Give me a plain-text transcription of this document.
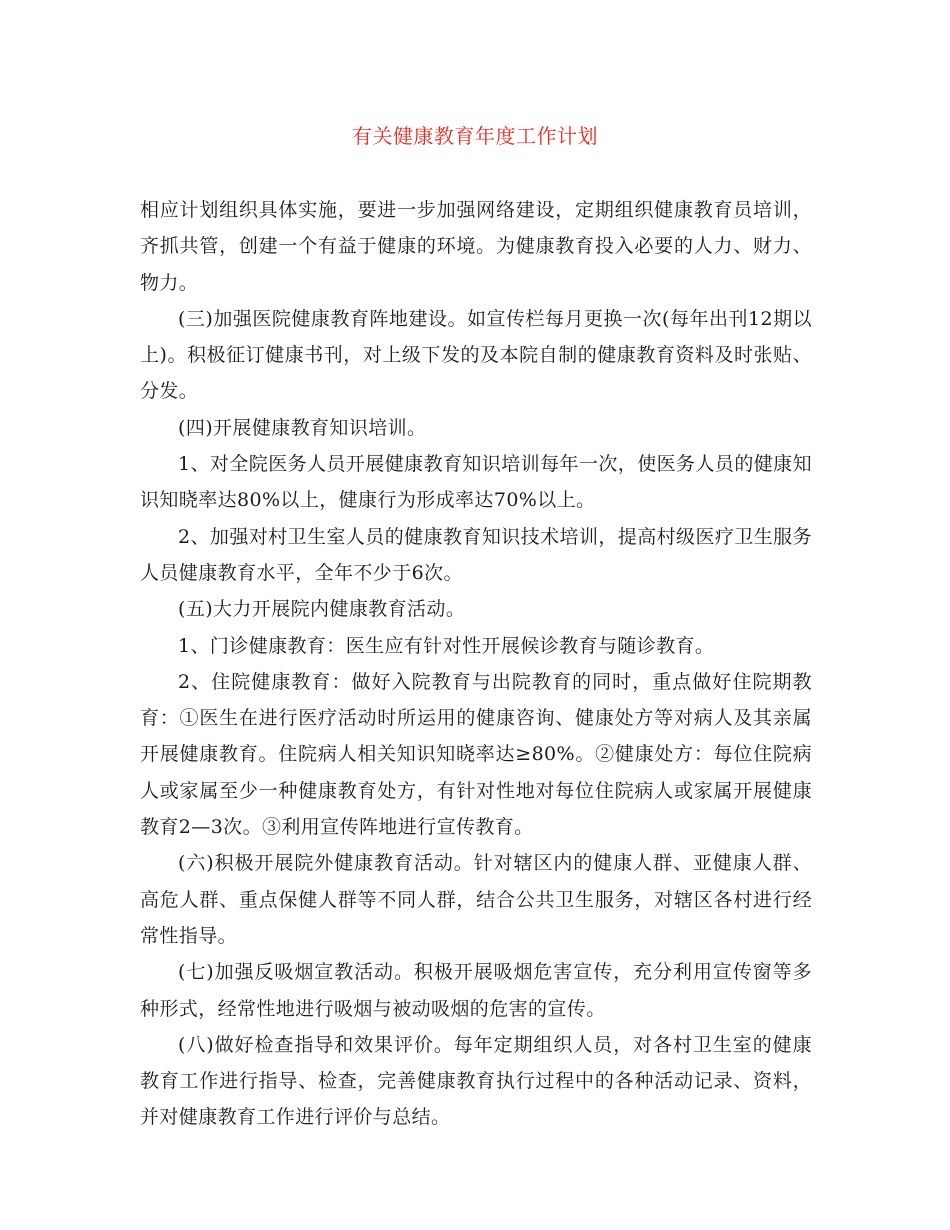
有关健康教育年度工作计划

相应计划组织具体实施，要进一步加强网络建设，定期组织健康教育员培训，齐抓共管，创建一个有益于健康的环境。为健康教育投入必要的人力、财力、物力。

(三)加强医院健康教育阵地建设。如宣传栏每月更换一次(每年出刊12期以上)。积极征订健康书刊，对上级下发的及本院自制的健康教育资料及时张贴、分发。

(四)开展健康教育知识培训。

1、对全院医务人员开展健康教育知识培训每年一次，使医务人员的健康知识知晓率达80%以上，健康行为形成率达70%以上。

2、加强对村卫生室人员的健康教育知识技术培训，提高村级医疗卫生服务人员健康教育水平，全年不少于6次。

(五)大力开展院内健康教育活动。

1、门诊健康教育：医生应有针对性开展候诊教育与随诊教育。

2、住院健康教育：做好入院教育与出院教育的同时，重点做好住院期教育：①医生在进行医疗活动时所运用的健康咨询、健康处方等对病人及其亲属开展健康教育。住院病人相关知识知晓率达≥80%。②健康处方：每位住院病人或家属至少一种健康教育处方，有针对性地对每位住院病人或家属开展健康教育2—3次。③利用宣传阵地进行宣传教育。

(六)积极开展院外健康教育活动。针对辖区内的健康人群、亚健康人群、高危人群、重点保健人群等不同人群，结合公共卫生服务，对辖区各村进行经常性指导。

(七)加强反吸烟宣教活动。积极开展吸烟危害宣传，充分利用宣传窗等多种形式，经常性地进行吸烟与被动吸烟的危害的宣传。

(八)做好检查指导和效果评价。每年定期组织人员，对各村卫生室的健康教育工作进行指导、检查，完善健康教育执行过程中的各种活动记录、资料，并对健康教育工作进行评价与总结。
